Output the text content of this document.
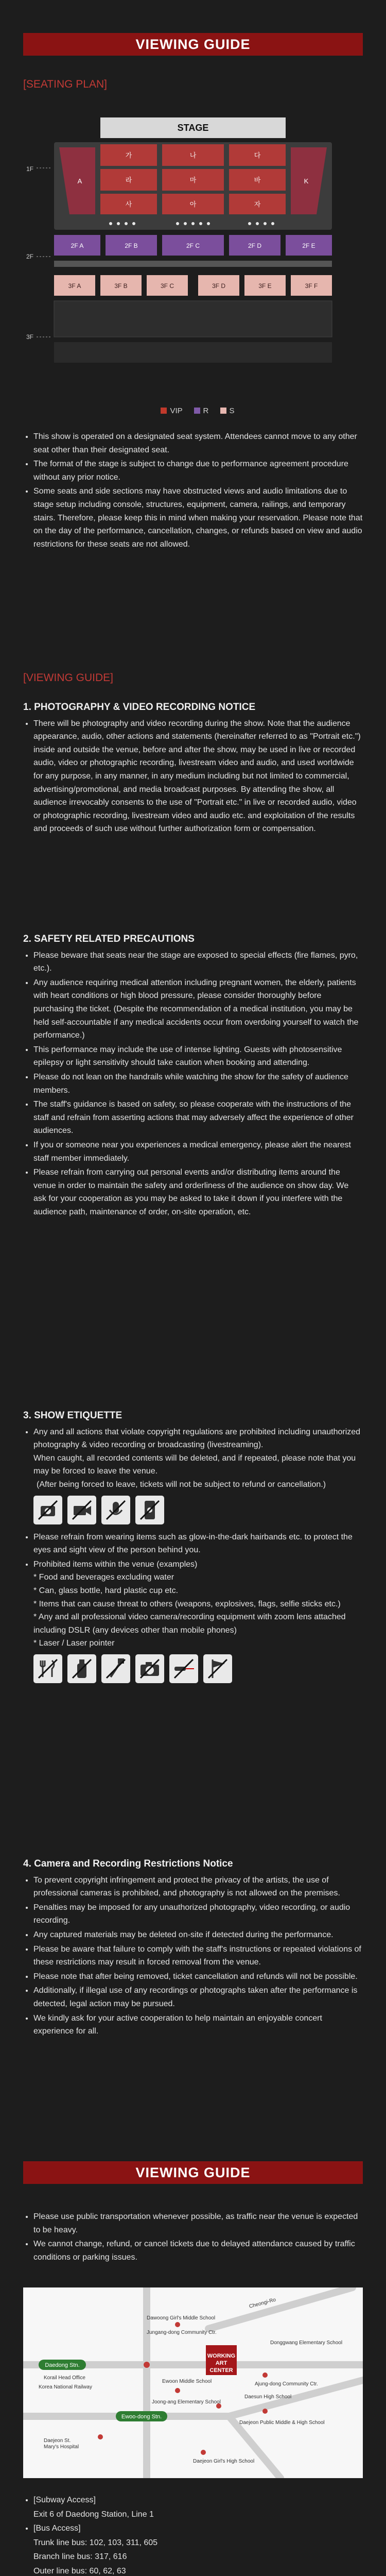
VIEWING GUIDE
[SEATING PLAN]
STAGE
1F
가	나	다
라	마	바
사	아	자
A	K
2F
2F A	2F B	2F C	2F D	2F E
3F A	3F B	3F C	3F D	3F E	3F F
3F
VIP	R	S
• This show is operated on a designated seat system. Attendees cannot move to any other seat other than their designated seat.
• The format of the stage is subject to change due to performance agreement procedure without any prior notice.
• Some seats and side sections may have obstructed views and audio limitations due to stage setup including console, structures, equipment, camera, railings, and temporary stairs. Therefore, please keep this in mind when making your reservation. Please note that on the day of the performance, cancellation, changes, or refunds based on view and audio restrictions for these seats are not allowed.
[VIEWING GUIDE]
1. PHOTOGRAPHY & VIDEO RECORDING NOTICE
• There will be photography and video recording during the show. Note that the audience appearance, audio, other actions and statements (hereinafter referred to as "Portrait etc.") inside and outside the venue, before and after the show, may be used in live or recorded audio, video or photographic recording, livestream video and audio, and used worldwide for any purpose, in any manner, in any medium including but not limited to commercial, advertising/promotional, and media broadcast purposes. By attending the show, all audience irrevocably consents to the use of "Portrait etc." in live or recorded audio, video or photographic recording, livestream video and audio etc. and exploitation of the results and proceeds of such use without further authorization form or compensation.
2. SAFETY RELATED PRECAUTIONS
• Please beware that seats near the stage are exposed to special effects (fire flames, pyro, etc.).
• Any audience requiring medical attention including pregnant women, the elderly, patients with heart conditions or high blood pressure, please consider thoroughly before purchasing the ticket. (Despite the recommendation of a medical institution, you may be held self-accountable if any medical accidents occur from overdoing yourself to watch the performance.)
• This performance may include the use of intense lighting. Guests with photosensitive epilepsy or light sensitivity should take caution when booking and attending.
• Please do not lean on the handrails while watching the show for the safety of audience members.
• The staff's guidance is based on safety, so please cooperate with the instructions of the staff and refrain from asserting actions that may adversely affect the experience of other audiences.
• If you or someone near you experiences a medical emergency, please alert the nearest staff member immediately.
• Please refrain from carrying out personal events and/or distributing items around the venue in order to maintain the safety and orderliness of the audience on show day. We ask for your cooperation as you may be asked to take it down if you interfere with the audience path, maintenance of order, on-site operation, etc.
3. SHOW ETIQUETTE
• Any and all actions that violate copyright regulations are prohibited including unauthorized photography & video recording or broadcasting (livestreaming).
When caught, all recorded contents will be deleted, and if repeated, please note that you may be forced to leave the venue.
(After being forced to leave, tickets will not be subject to refund or cancellation.)
• Please refrain from wearing items such as glow-in-the-dark hairbands etc. to protect the eyes and sight view of the person behind you.
• Prohibited items within the venue (examples)
* Food and beverages excluding water
* Can, glass bottle, hard plastic cup etc.
* Items that can cause threat to others (weapons, explosives, flags, selfie sticks etc.)
* Any and all professional video camera/recording equipment with zoom lens attached including DSLR (any devices other than mobile phones)
* Laser / Laser pointer
4. Camera and Recording Restrictions Notice
• To prevent copyright infringement and protect the privacy of the artists, the use of professional cameras is prohibited, and photography is not allowed on the premises.
• Penalties may be imposed for any unauthorized photography, video recording, or audio recording.
• Any captured materials may be deleted on-site if detected during the performance.
• Please be aware that failure to comply with the staff's instructions or repeated violations of these restrictions may result in forced removal from the venue.
• Please note that after being removed, ticket cancellation and refunds will not be possible.
• Additionally, if illegal use of any recordings or photographs taken after the performance is detected, legal action may be pursued.
• We kindly ask for your active cooperation to help maintain an enjoyable concert experience for all.
VIEWING GUIDE
• Please use public transportation whenever possible, as traffic near the venue is expected to be heavy.
• We cannot change, refund, or cancel tickets due to delayed attendance caused by traffic conditions or parking issues.
WORKING
ART
CENTER
Cheongi-Ro
Dawoong Girl's Middle School
Jungang-dong Community Ctr.
Ewoon Middle School
Donggwang Elementary School
Daesun High School
Ajung-dong Community Ctr.
Daejeon Public Middle & High School
Joong-ang Elementary School
Korail Head Office
Korea National Railway
Daejeon St.
Mary's Hospital
Daejeon Girl's High School
Daedong Stn.
Ewoo-dong Stn.
• [Subway Access]
Exit 6 of Daedong Station, Line 1
• [Bus Access]
Trunk line bus: 102, 103, 311, 605
Branch line bus: 317, 616
Outer line bus: 60, 62, 63
